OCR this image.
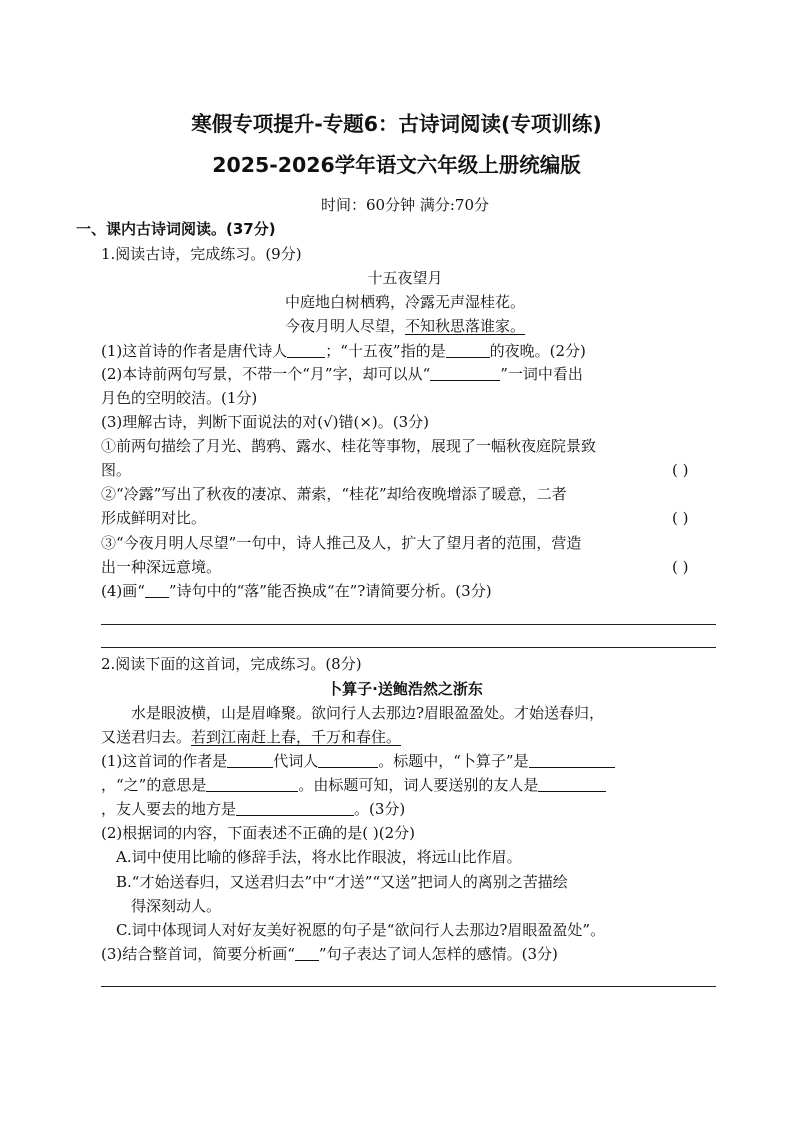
寒假专项提升-专题6：古诗词阅读(专项训练)
2025-2026学年语文六年级上册统编版
时间：60分钟 满分:70分
一、课内古诗词阅读。(37分)
1.阅读古诗，完成练习。(9分)
十五夜望月
中庭地白树栖鸦，冷露无声湿桂花。
今夜月明人尽望，不知秋思落谁家。
(1)这首诗的作者是唐代诗人	；“十五夜”指的是	的夜晚。(2分)
(2)本诗前两句写景，不带一个“月”字，却可以从“	”一词中看出
月色的空明皎洁。(1分)
(3)理解古诗，判断下面说法的对(√)错(×)。(3分)
①前两句描绘了月光、鹊鸦、露水、桂花等事物，展现了一幅秋夜庭院景致
图。	( )
②“冷露”写出了秋夜的凄凉、萧索，“桂花”却给夜晚增添了暖意，二者
形成鲜明对比。	( )
③“今夜月明人尽望”一句中，诗人推己及人，扩大了望月者的范围，营造
出一种深远意境。	( )
(4)画“ ”诗句中的“落”能否换成“在”?请简要分析。(3分)
2.阅读下面的这首词，完成练习。(8分)
卜算子·送鲍浩然之浙东
水是眼波横，山是眉峰聚。欲问行人去那边?眉眼盈盈处。才始送春归，
又送君归去。若到江南赶上春，千万和春住。
(1)这首词的作者是	代词人	。标题中，“卜算子”是
，“之”的意思是	。由标题可知，词人要送别的友人是
，友人要去的地方是	。(3分)
(2)根据词的内容，下面表述不正确的是( )(2分)
A.词中使用比喻的修辞手法，将水比作眼波，将远山比作眉。
B.“才始送春归，又送君归去”中“才送”“又送”把词人的离别之苦描绘
得深刻动人。
C.词中体现词人对好友美好祝愿的句子是“欲问行人去那边?眉眼盈盈处”。
(3)结合整首词，简要分析画“ ”句子表达了词人怎样的感情。(3分)
